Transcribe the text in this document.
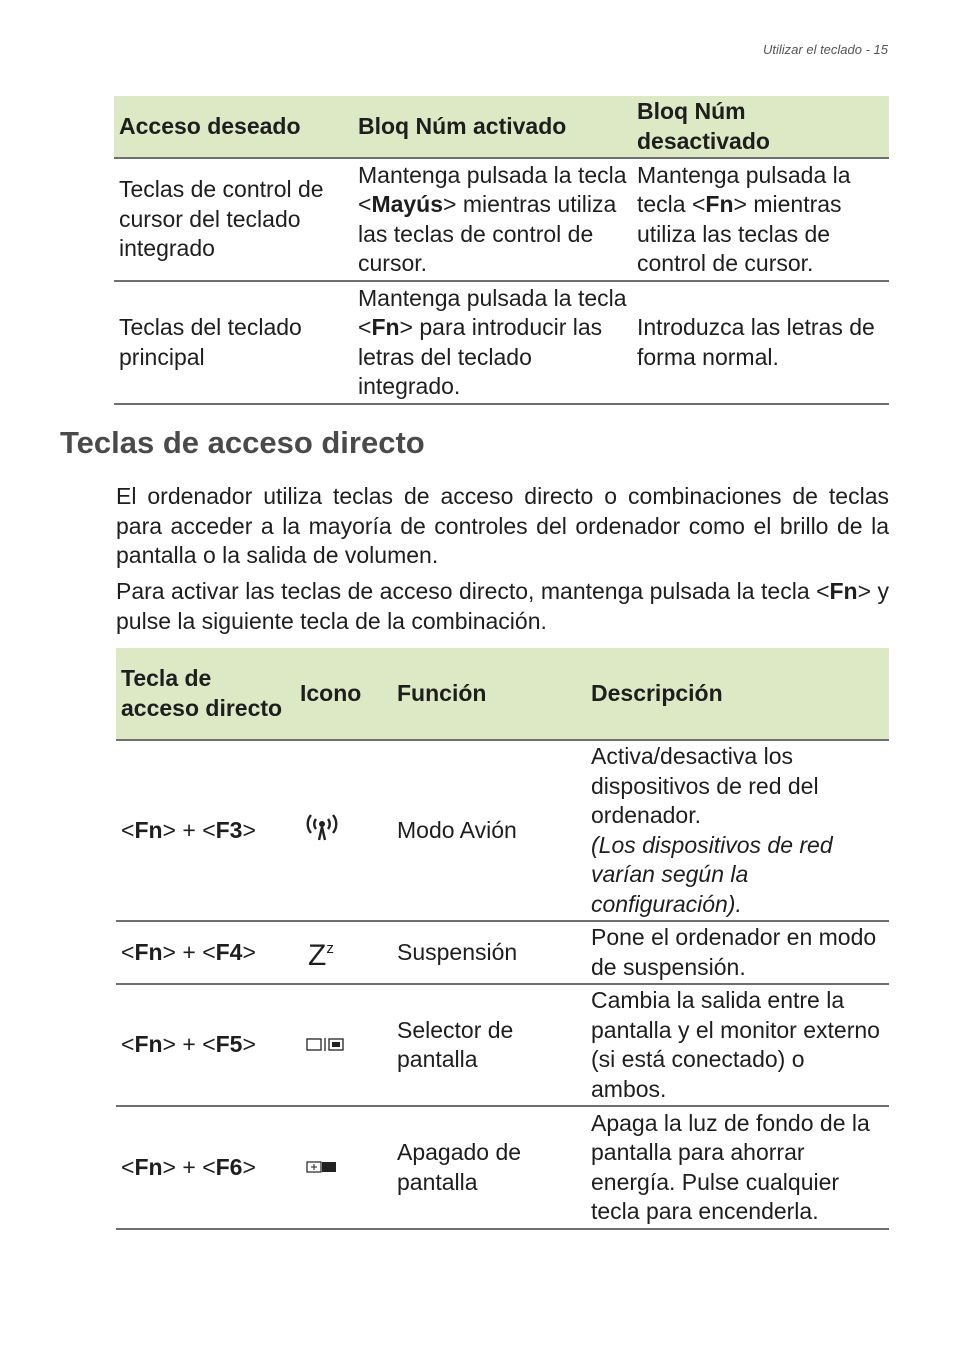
Utilizar el teclado - 15
Acceso deseado	Bloq Núm activado	Bloq Núm desactivado
Teclas de control de cursor del teclado integrado	Mantenga pulsada la tecla <Mayús> mientras utiliza las teclas de control de cursor.	Mantenga pulsada la tecla <Fn> mientras utiliza las teclas de control de cursor.
Teclas del teclado principal	Mantenga pulsada la tecla <Fn> para introducir las letras del teclado integrado.	Introduzca las letras de forma normal.
Teclas de acceso directo

El ordenador utiliza teclas de acceso directo o combinaciones de teclas para acceder a la mayoría de controles del ordenador como el brillo de la pantalla o la salida de volumen.

Para activar las teclas de acceso directo, mantenga pulsada la tecla <Fn> y pulse la siguiente tecla de la combinación.

Tecla de acceso directo	Icono	Función	Descripción
<Fn> + <F3>		Modo Avión	Activa/desactiva los dispositivos de red del ordenador.
(Los dispositivos de red varían según la configuración).
<Fn> + <F4>	$Z^z$	Suspensión	Pone el ordenador en modo de suspensión.
<Fn> + <F5>		Selector de pantalla	Cambia la salida entre la pantalla y el monitor externo (si está conectado) o ambos.
<Fn> + <F6>		Apagado de pantalla	Apaga la luz de fondo de la pantalla para ahorrar energía. Pulse cualquier tecla para encenderla.
